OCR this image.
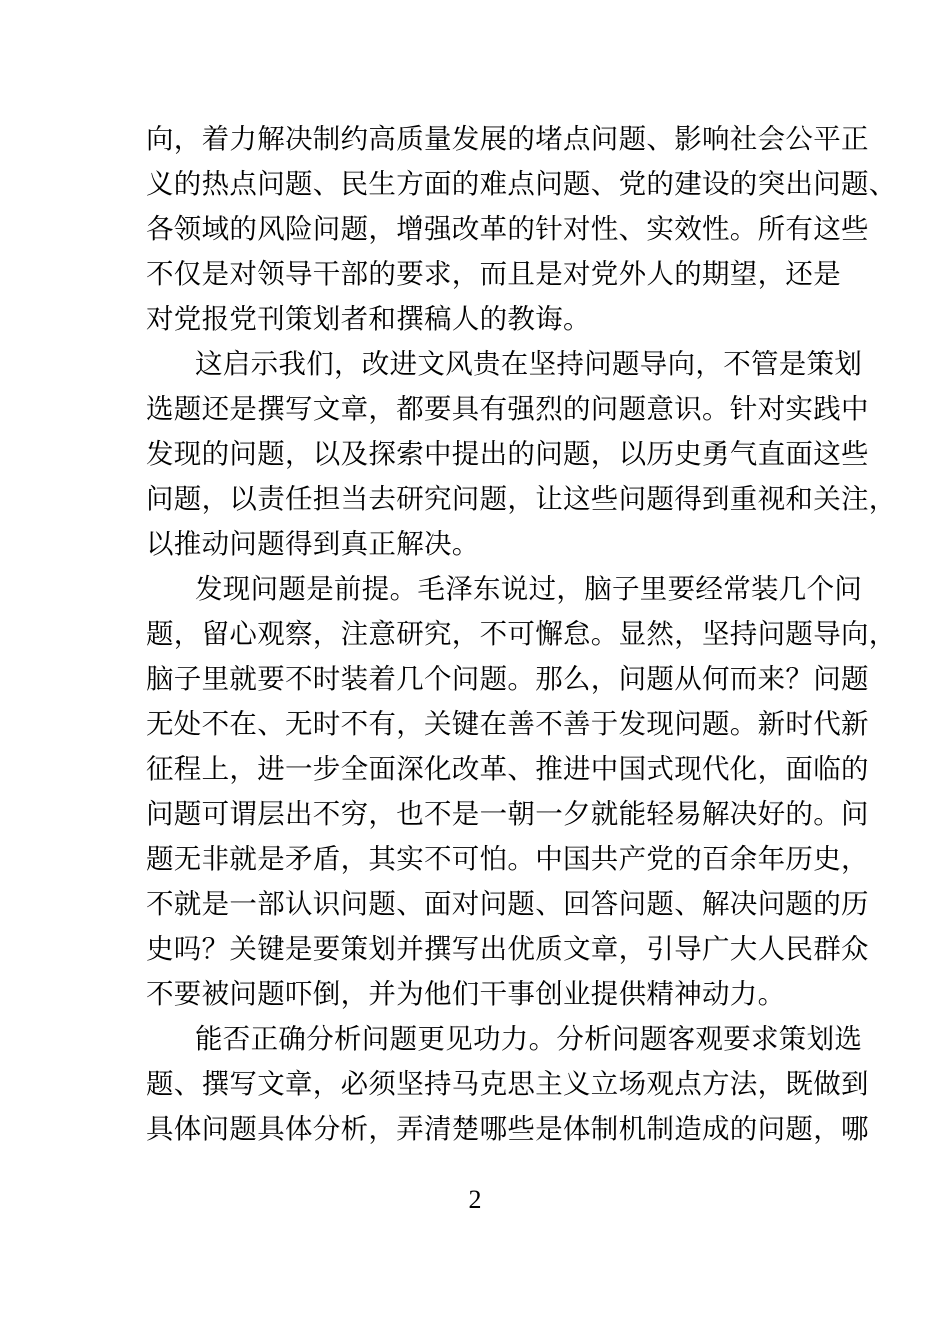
向，着力解决制约高质量发展的堵点问题、影响社会公平正
义的热点问题、民生方面的难点问题、党的建设的突出问题、
各领域的风险问题，增强改革的针对性、实效性。所有这些
不仅是对领导干部的要求，而且是对党外人的期望，还是
对党报党刊策划者和撰稿人的教诲。
这启示我们，改进文风贵在坚持问题导向，不管是策划
选题还是撰写文章，都要具有强烈的问题意识。针对实践中
发现的问题，以及探索中提出的问题，以历史勇气直面这些
问题，以责任担当去研究问题，让这些问题得到重视和关注，
以推动问题得到真正解决。
发现问题是前提。毛泽东说过，脑子里要经常装几个问
题，留心观察，注意研究，不可懈怠。显然，坚持问题导向，
脑子里就要不时装着几个问题。那么，问题从何而来？问题
无处不在、无时不有，关键在善不善于发现问题。新时代新
征程上，进一步全面深化改革、推进中国式现代化，面临的
问题可谓层出不穷，也不是一朝一夕就能轻易解决好的。问
题无非就是矛盾，其实不可怕。中国共产党的百余年历史，
不就是一部认识问题、面对问题、回答问题、解决问题的历
史吗？关键是要策划并撰写出优质文章，引导广大人民群众
不要被问题吓倒，并为他们干事创业提供精神动力。
能否正确分析问题更见功力。分析问题客观要求策划选
题、撰写文章，必须坚持马克思主义立场观点方法，既做到
具体问题具体分析，弄清楚哪些是体制机制造成的问题，哪
2
